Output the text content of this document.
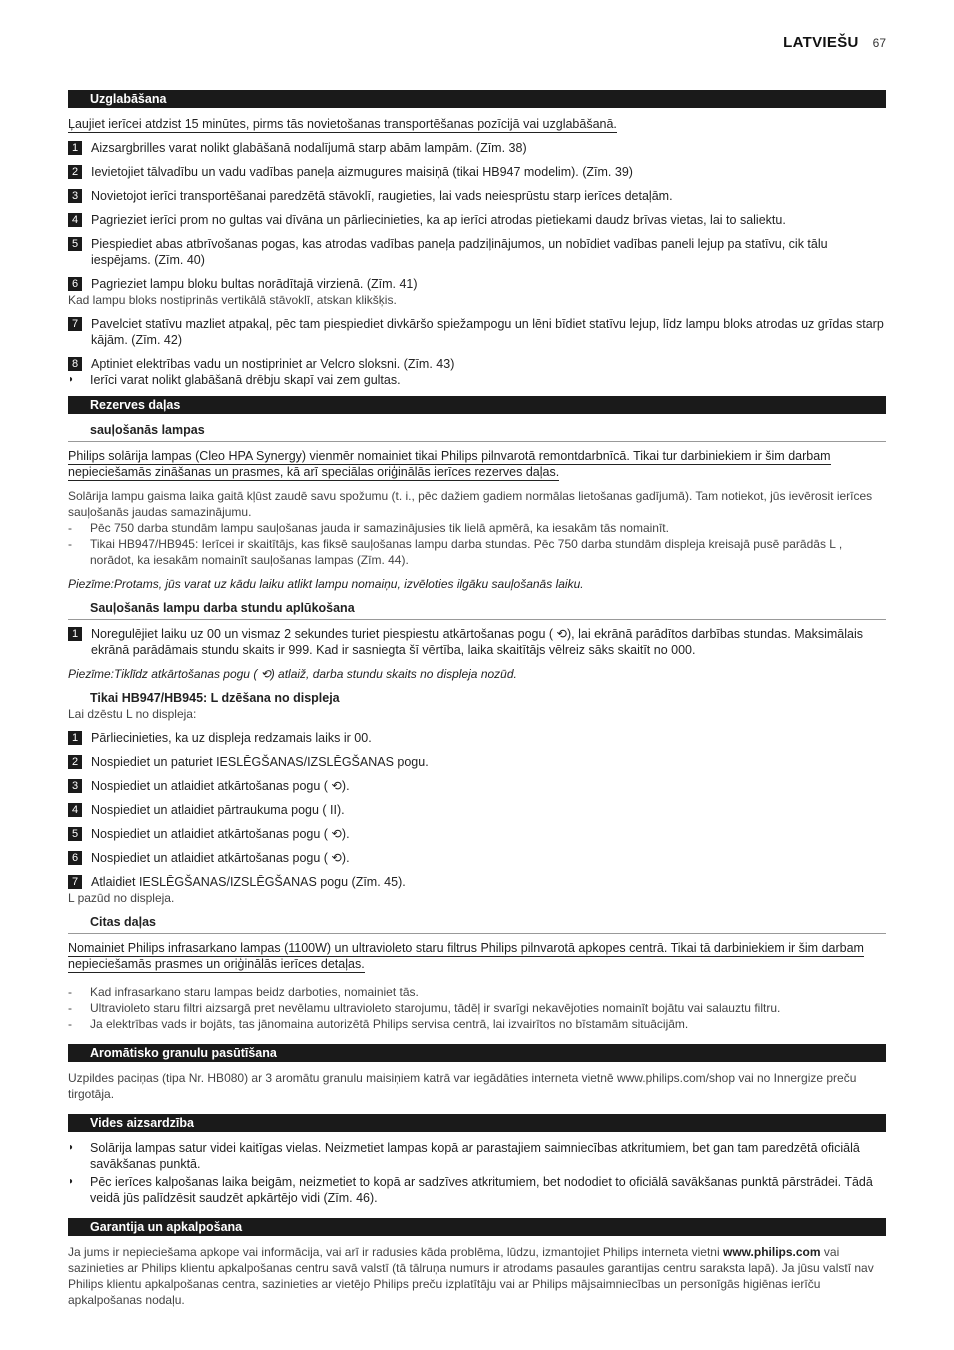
LATVIEŠU 67
Uzglabāšana

Ļaujiet ierīcei atdzist 15 minūtes, pirms tās novietošanas transportēšanas pozīcijā vai uzglabāšanā.

1	Aizsargbrilles varat nolikt glabāšanā nodalījumā starp abām lampām. (Zīm. 38)
2	Ievietojiet tālvadību un vadu vadības paneļa aizmugures maisiņā (tikai HB947 modelim). (Zīm. 39)
3	Novietojot ierīci transportēšanai paredzētā stāvoklī, raugieties, lai vads neiesprūstu starp ierīces detaļām.
4	Pagrieziet ierīci prom no gultas vai dīvāna un pārliecinieties, ka ap ierīci atrodas pietiekami daudz brīvas vietas, lai to saliektu.
5	Piespiediet abas atbrīvošanas pogas, kas atrodas vadības paneļa padziļinājumos, un nobīdiet vadības paneli lejup pa statīvu, cik tālu iespējams. (Zīm. 40)
6	Pagrieziet lampu bloku bultas norādītajā virzienā. (Zīm. 41)

Kad lampu bloks nostiprinās vertikālā stāvoklī, atskan klikšķis.

7	Pavelciet statīvu mazliet atpakaļ, pēc tam piespiediet divkāršo spiežampogu un lēni bīdiet statīvu lejup, līdz lampu bloks atrodas uz grīdas starp kājām. (Zīm. 42)
8	Aptiniet elektrības vadu un nostipriniet ar Velcro sloksni. (Zīm. 43)
◗	Ierīci varat nolikt glabāšanā drēbju skapī vai zem gultas.
Rezerves daļas
sauļošanās lampas

Philips solārija lampas (Cleo HPA Synergy) vienmēr nomainiet tikai Philips pilnvarotā remontdarbnīcā. Tikai tur darbiniekiem ir šim darbam nepieciešamās zināšanas un prasmes, kā arī speciālas oriģinālās ierīces rezerves daļas.

Solārija lampu gaisma laika gaitā kļūst zaudē savu spožumu (t. i., pēc dažiem gadiem normālas lietošanas gadījumā). Tam notiekot, jūs ievērosit ierīces sauļošanās jaudas samazinājumu.

-	Pēc 750 darba stundām lampu sauļošanas jauda ir samazinājusies tik lielā apmērā, ka iesakām tās nomainīt.
-	Tikai HB947/HB945: Ierīcei ir skaitītājs, kas fiksē sauļošanas lampu darba stundas. Pēc 750 darba stundām displeja kreisajā pusē parādās L , norādot, ka iesakām nomainīt sauļošanas lampas (Zīm. 44).

Piezīme:Protams, jūs varat uz kādu laiku atlikt lampu nomaiņu, izvēloties ilgāku sauļošanās laiku.

Sauļošanās lampu darba stundu aplūkošana
1	Noregulējiet laiku uz 00 un vismaz 2 sekundes turiet piespiestu atkārtošanas pogu ( ⟲), lai ekrānā parādītos darbības stundas. Maksimālais ekrānā parādāmais stundu skaits ir 999. Kad ir sasniegta šī vērtība, laika skaitītājs vēlreiz sāks skaitīt no 000.

Piezīme:Tiklīdz atkārtošanas pogu ( ⟲) atlaiž, darba stundu skaits no displeja nozūd.

Tikai HB947/HB945: L dzēšana no displeja

Lai dzēstu L no displeja:

1	Pārliecinieties, ka uz displeja redzamais laiks ir 00.
2	Nospiediet un paturiet IESLĒGŠANAS/IZSLĒGŠANAS pogu.
3	Nospiediet un atlaidiet atkārtošanas pogu ( ⟲).
4	Nospiediet un atlaidiet pārtraukuma pogu ( II).
5	Nospiediet un atlaidiet atkārtošanas pogu ( ⟲).
6	Nospiediet un atlaidiet atkārtošanas pogu ( ⟲).
7	Atlaidiet IESLĒGŠANAS/IZSLĒGŠANAS pogu (Zīm. 45).

L pazūd no displeja.

Citas daļas

Nomainiet Philips infrasarkano lampas (1100W) un ultravioleto staru filtrus Philips pilnvarotā apkopes centrā. Tikai tā darbiniekiem ir šim darbam nepieciešamās prasmes un oriģinālās ierīces detaļas.

-	Kad infrasarkano staru lampas beidz darboties, nomainiet tās.
-	Ultravioleto staru filtri aizsargā pret nevēlamu ultravioleto starojumu, tādēļ ir svarīgi nekavējoties nomainīt bojātu vai salauztu filtru.
-	Ja elektrības vads ir bojāts, tas jānomaina autorizētā Philips servisa centrā, lai izvairītos no bīstamām situācijām.
Aromātisko granulu pasūtīšana

Uzpildes paciņas (tipa Nr. HB080) ar 3 aromātu granulu maisiņiem katrā var iegādāties interneta vietnē www.philips.com/shop vai no Innergize preču tirgotāja.

Vides aizsardzība
◗	Solārija lampas satur videi kaitīgas vielas. Neizmetiet lampas kopā ar parastajiem saimniecības atkritumiem, bet gan tam paredzētā oficiālā savākšanas punktā.
◗	Pēc ierīces kalpošanas laika beigām, neizmetiet to kopā ar sadzīves atkritumiem, bet nododiet to oficiālā savākšanas punktā pārstrādei. Tādā veidā jūs palīdzēsit saudzēt apkārtējo vidi (Zīm. 46).
Garantija un apkalpošana

Ja jums ir nepieciešama apkope vai informācija, vai arī ir radusies kāda problēma, lūdzu, izmantojiet Philips interneta vietni www.philips.com vai sazinieties ar Philips klientu apkalpošanas centru savā valstī (tā tālruņa numurs ir atrodams pasaules garantijas centru saraksta lapā). Ja jūsu valstī nav Philips klientu apkalpošanas centra, sazinieties ar vietējo Philips preču izplatītāju vai ar Philips mājsaimniecības un personīgās higiēnas ierīču apkalpošanas nodaļu.
